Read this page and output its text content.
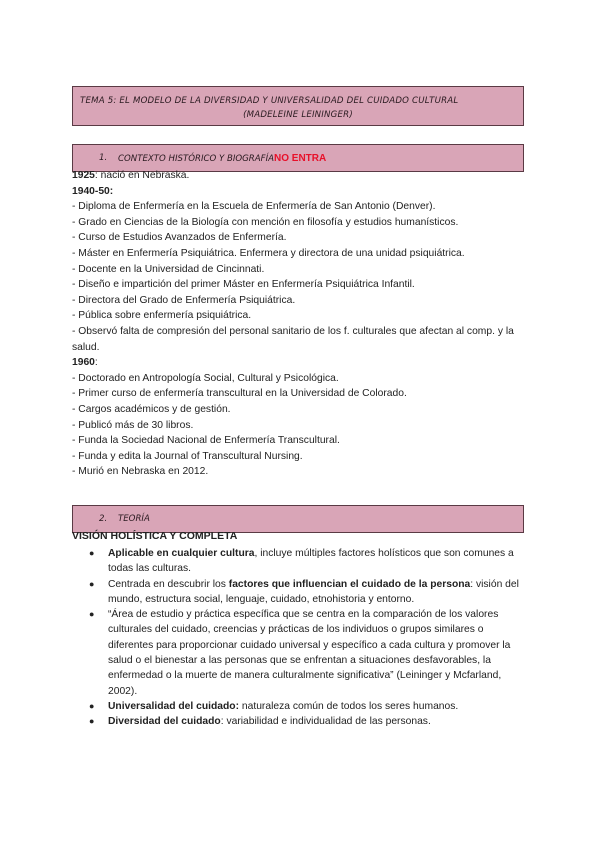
TEMA 5: EL MODELO DE LA DIVERSIDAD Y UNIVERSALIDAD DEL CUIDADO CULTURAL
(MADELEINE LEININGER)
1. CONTEXTO HISTÓRICO Y BIOGRAFÍANO ENTRA
1925: nació en Nebraska.
1940-50:
- Diploma de Enfermería en la Escuela de Enfermería de San Antonio (Denver).
- Grado en Ciencias de la Biología con mención en filosofía y estudios humanísticos.
- Curso de Estudios Avanzados de Enfermería.
- Máster en Enfermería Psiquiátrica. Enfermera y directora de una unidad psiquiátrica.
- Docente en la Universidad de Cincinnati.
- Diseño e impartición del primer Máster en Enfermería Psiquiátrica Infantil.
- Directora del Grado de Enfermería Psiquiátrica.
- Pública sobre enfermería psiquiátrica.
- Observó falta de compresión del personal sanitario de los f. culturales que afectan al comp. y la salud.
1960:
- Doctorado en Antropología Social, Cultural y Psicológica.
- Primer curso de enfermería transcultural en la Universidad de Colorado.
- Cargos académicos y de gestión.
- Publicó más de 30 libros.
- Funda la Sociedad Nacional de Enfermería Transcultural.
- Funda y edita la Journal of Transcultural Nursing.
- Murió en Nebraska en 2012.
2. TEORÍA
VISIÓN HOLÍSTICA Y COMPLETA
● Aplicable en cualquier cultura, incluye múltiples factores holísticos que son comunes a todas las culturas.
● Centrada en descubrir los factores que influencian el cuidado de la persona: visión del mundo, estructura social, lenguaje, cuidado, etnohistoria y entorno.
● “Área de estudio y práctica específica que se centra en la comparación de los valores culturales del cuidado, creencias y prácticas de los individuos o grupos similares o diferentes para proporcionar cuidado universal y específico a cada cultura y promover la salud o el bienestar a las personas que se enfrentan a situaciones desfavorables, la enfermedad o la muerte de manera culturalmente significativa” (Leininger y Mcfarland, 2002).
● Universalidad del cuidado: naturaleza común de todos los seres humanos.
● Diversidad del cuidado: variabilidad e individualidad de las personas.
